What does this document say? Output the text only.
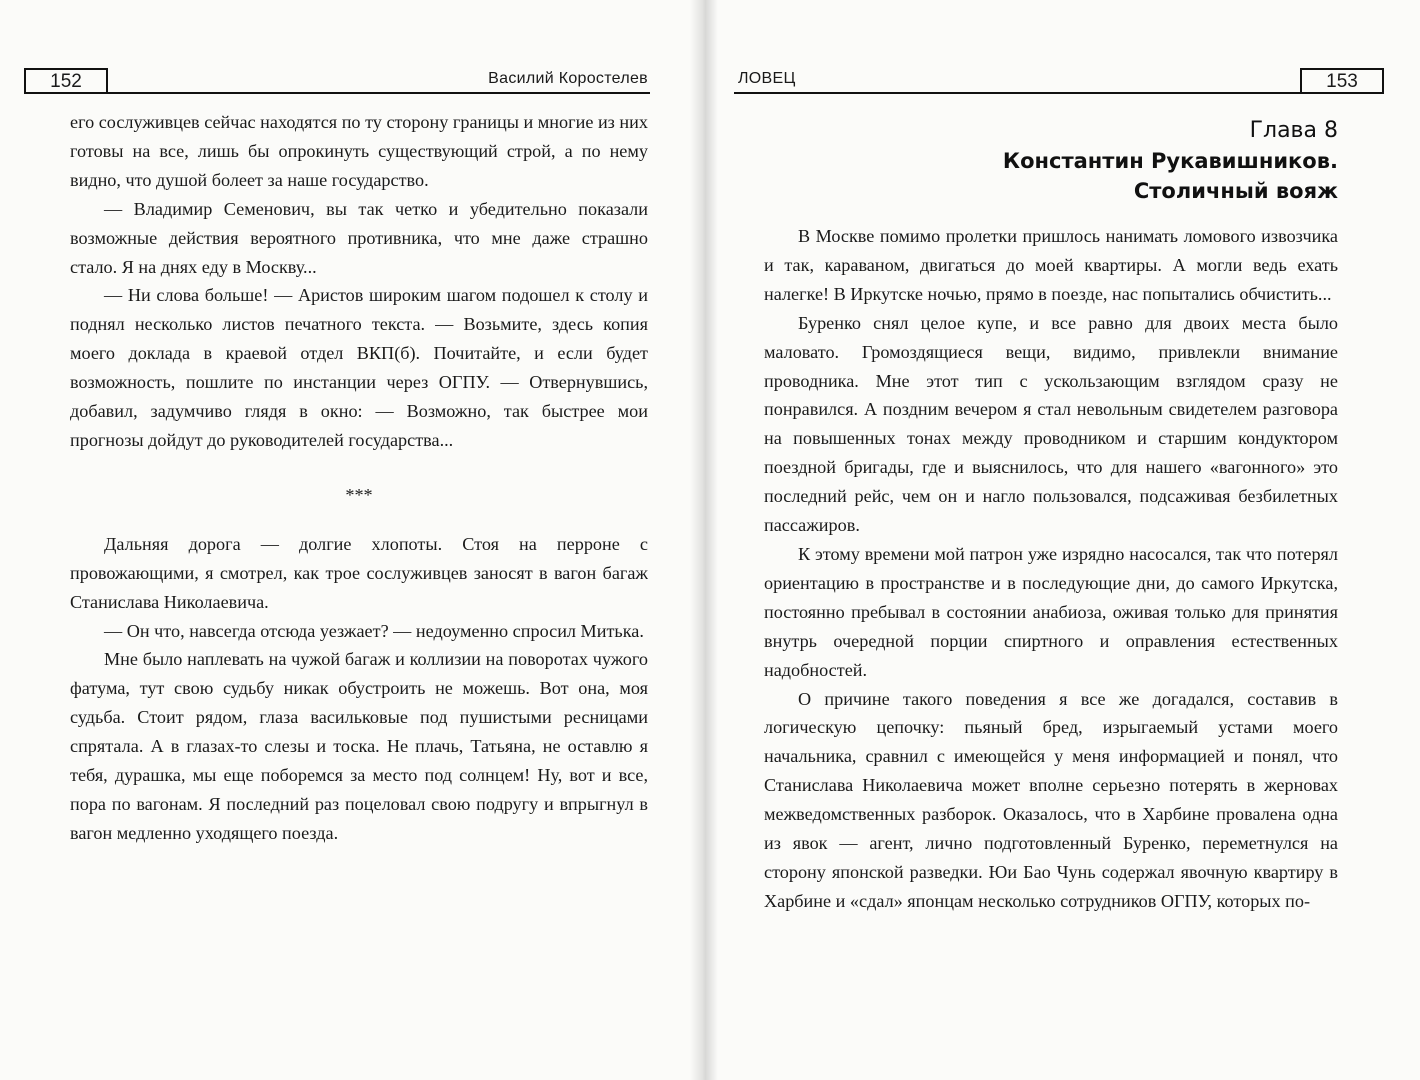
152	Василий Коростелев

его сослуживцев сейчас находятся по ту сторону границы и многие из них готовы на все, лишь бы опрокинуть существующий строй, а по нему видно, что душой болеет за наше государство.

— Владимир Семенович, вы так четко и убедительно показали возможные действия вероятного противника, что мне даже страшно стало. Я на днях еду в Москву...

— Ни слова больше! — Аристов широким шагом подошел к столу и поднял несколько листов печатного текста. — Возьмите, здесь копия моего доклада в краевой отдел ВКП(б). Почитайте, и если будет возможность, пошлите по инстанции через ОГПУ. — Отвернувшись, добавил, задумчиво глядя в окно: — Возможно, так быстрее мои прогнозы дойдут до руководителей государства...

***

Дальняя дорога — долгие хлопоты. Стоя на перроне с провожающими, я смотрел, как трое сослуживцев заносят в вагон багаж Станислава Николаевича.

— Он что, навсегда отсюда уезжает? — недоуменно спросил Митька.

Мне было наплевать на чужой багаж и коллизии на поворотах чужого фатума, тут свою судьбу никак обустроить не можешь. Вот она, моя судьба. Стоит рядом, глаза васильковые под пушистыми ресницами спрятала. А в глазах-то слезы и тоска. Не плачь, Татьяна, не оставлю я тебя, дурашка, мы еще поборемся за место под солнцем! Ну, вот и все, пора по вагонам. Я последний раз поцеловал свою подругу и впрыгнул в вагон медленно уходящего поезда.

ЛОВЕЦ	153
Глава 8
Константин Рукавишников.
Столичный вояж

В Москве помимо пролетки пришлось нанимать ломового извозчика и так, караваном, двигаться до моей квартиры. А могли ведь ехать налегке! В Иркутске ночью, прямо в поезде, нас попытались обчистить...

Буренко снял целое купе, и все равно для двоих места было маловато. Громоздящиеся вещи, видимо, привлекли внимание проводника. Мне этот тип с ускользающим взглядом сразу не понравился. А поздним вечером я стал невольным свидетелем разговора на повышенных тонах между проводником и старшим кондуктором поездной бригады, где и выяснилось, что для нашего «вагонного» это последний рейс, чем он и нагло пользовался, подсаживая безбилетных пассажиров.

К этому времени мой патрон уже изрядно насосался, так что потерял ориентацию в пространстве и в последующие дни, до самого Иркутска, постоянно пребывал в состоянии анабиоза, оживая только для принятия внутрь очередной порции спиртного и оправления естественных надобностей.

О причине такого поведения я все же догадался, составив в логическую цепочку: пьяный бред, изрыгаемый устами моего начальника, сравнил с имеющейся у меня информацией и понял, что Станислава Николаевича может вполне серьезно потерять в жерновах межведомственных разборок. Оказалось, что в Харбине провалена одна из явок — агент, лично подготовленный Буренко, переметнулся на сторону японской разведки. Юи Бао Чунь содержал явочную квартиру в Харбине и «сдал» японцам несколько сотрудников ОГПУ, которых по-
